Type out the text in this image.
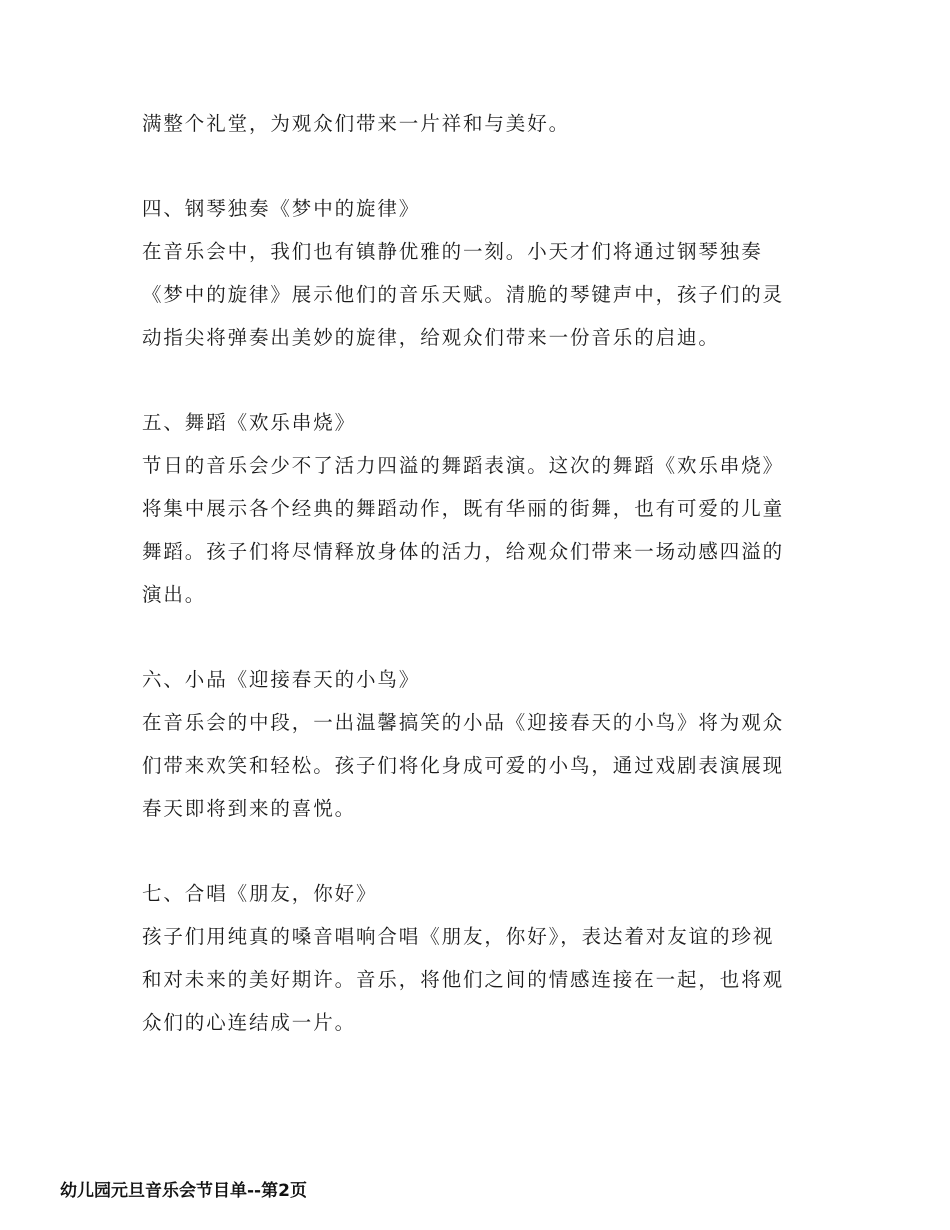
满整个礼堂，为观众们带来一片祥和与美好。
四、钢琴独奏《梦中的旋律》
在音乐会中，我们也有镇静优雅的一刻。小天才们将通过钢琴独奏
《梦中的旋律》展示他们的音乐天赋。清脆的琴键声中，孩子们的灵
动指尖将弹奏出美妙的旋律，给观众们带来一份音乐的启迪。
五、舞蹈《欢乐串烧》
节日的音乐会少不了活力四溢的舞蹈表演。这次的舞蹈《欢乐串烧》
将集中展示各个经典的舞蹈动作，既有华丽的街舞，也有可爱的儿童
舞蹈。孩子们将尽情释放身体的活力，给观众们带来一场动感四溢的
演出。
六、小品《迎接春天的小鸟》
在音乐会的中段，一出温馨搞笑的小品《迎接春天的小鸟》将为观众
们带来欢笑和轻松。孩子们将化身成可爱的小鸟，通过戏剧表演展现
春天即将到来的喜悦。
七、合唱《朋友，你好》
孩子们用纯真的嗓音唱响合唱《朋友，你好》，表达着对友谊的珍视
和对未来的美好期许。音乐，将他们之间的情感连接在一起，也将观
众们的心连结成一片。
幼儿园元旦音乐会节目单--第2页
